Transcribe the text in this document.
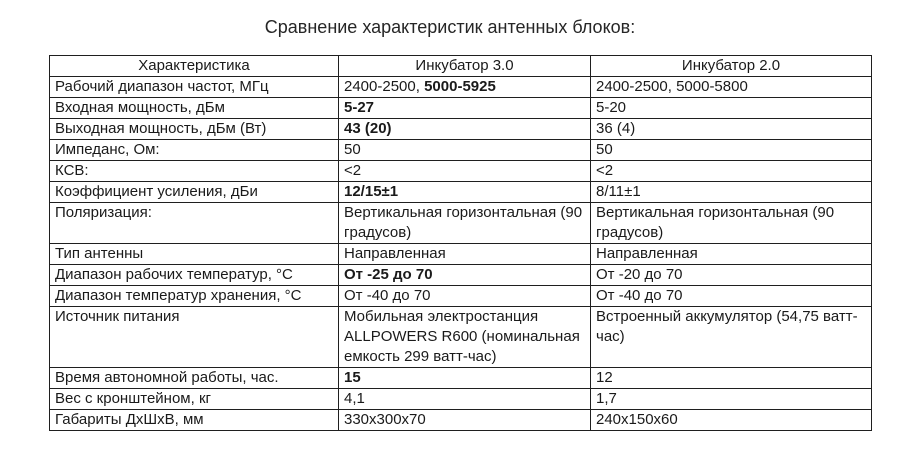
Сравнение характеристик антенных блоков:
Характеристика	Инкубатор 3.0	Инкубатор 2.0
Рабочий диапазон частот, МГц	2400-2500, 5000-5925	2400-2500, 5000-5800
Входная мощность, дБм	5-27	5-20
Выходная мощность, дБм (Вт)	43 (20)	36 (4)
Импеданс, Ом:	50	50
КСВ:	<2	<2
Коэффициент усиления, дБи	12/15±1	8/11±1
Поляризация:	Вертикальная горизонтальная (90 градусов)	Вертикальная горизонтальная (90 градусов)
Тип антенны	Направленная	Направленная
Диапазон рабочих температур, °C	От -25 до 70	От -20 до 70
Диапазон температур хранения, °C	От -40 до 70	От -40 до 70
Источник питания	Мобильная электростанция ALLPOWERS R600 (номинальная емкость 299 ватт-час)	Встроенный аккумулятор (54,75 ватт-час)
Время автономной работы, час.	15	12
Вес с кронштейном, кг	4,1	1,7
Габариты ДхШхВ, мм	330x300x70	240x150x60
